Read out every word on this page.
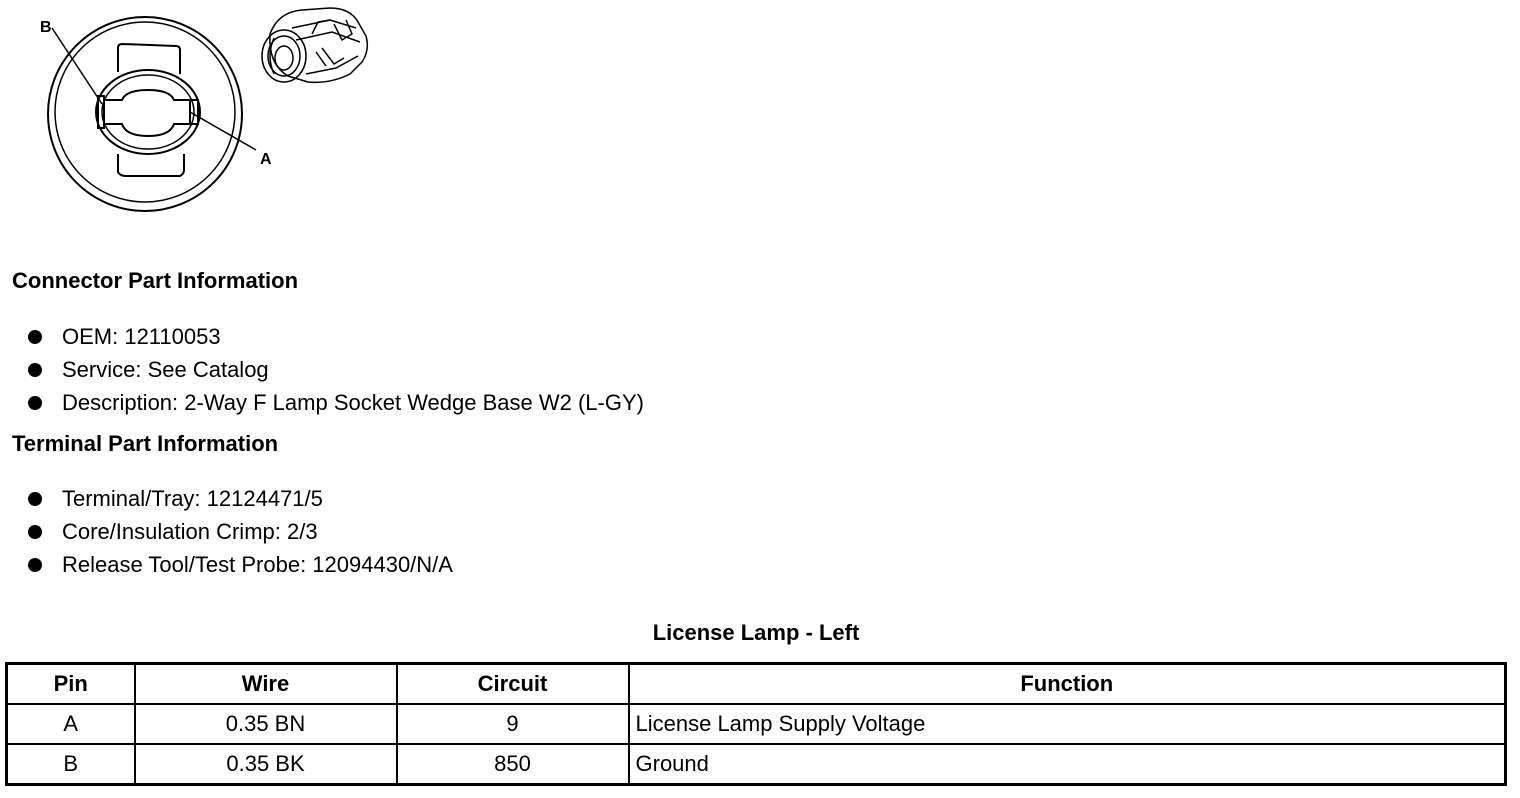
B
A
Connector Part Information
OEM: 12110053
Service: See Catalog
Description: 2-Way F Lamp Socket Wedge Base W2 (L-GY)
Terminal Part Information
Terminal/Tray: 12124471/5
Core/Insulation Crimp: 2/3
Release Tool/Test Probe: 12094430/N/A
License Lamp - Left
Pin	Wire	Circuit	Function
A	0.35 BN	9	License Lamp Supply Voltage
B	0.35 BK	850	Ground
